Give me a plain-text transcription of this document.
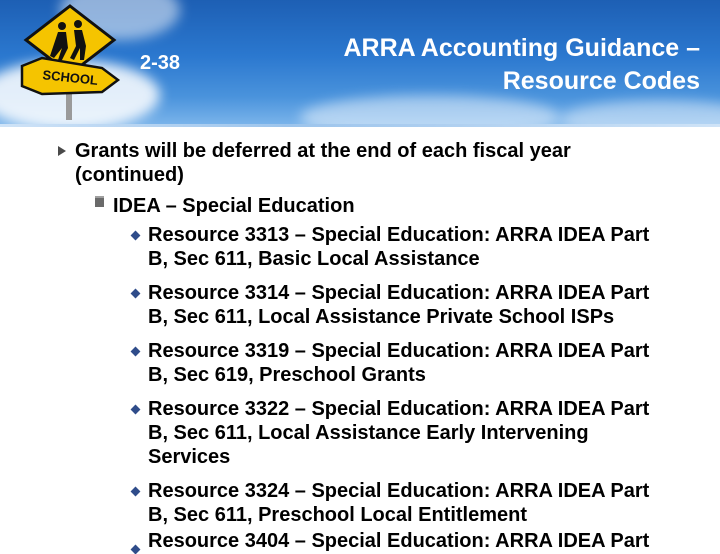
SCHOOL
2-38
ARRA Accounting Guidance –
Resource Codes
Grants will be deferred at the end of each fiscal year
(continued)
IDEA – Special Education
Resource 3313 – Special Education: ARRA IDEA Part
B, Sec 611, Basic Local Assistance
Resource 3314 – Special Education: ARRA IDEA Part
B, Sec 611, Local Assistance Private School ISPs
Resource 3319 – Special Education: ARRA IDEA Part
B, Sec 619, Preschool Grants
Resource 3322 – Special Education: ARRA IDEA Part
B, Sec 611, Local Assistance Early Intervening
Services
Resource 3324 – Special Education: ARRA IDEA Part
B, Sec 611, Preschool Local Entitlement
Resource 3404 – Special Education: ARRA IDEA Part
